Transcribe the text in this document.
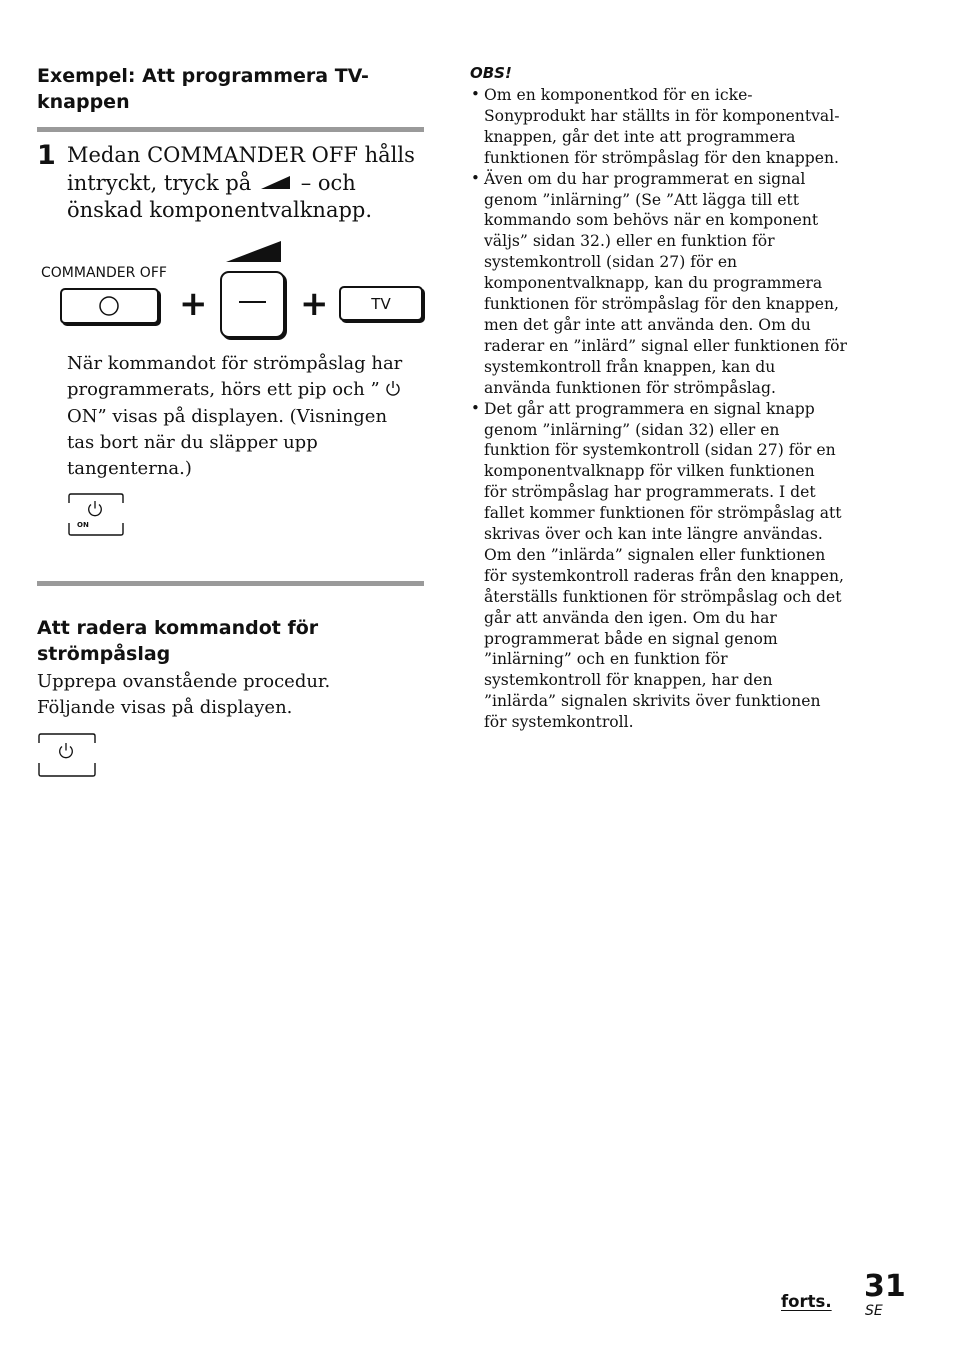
Exempel: Att programmera TV-
knappen
1 Medan COMMANDER OFF hålls
intryckt, tryck på – och
önskad komponentvalknapp.
COMMANDER OFF
+	+	TV
När kommandot för strömpåslag har
programmerats, hörs ett pip och ”
ON” visas på displayen. (Visningen
tas bort när du släpper upp
tangenterna.)
ON
Att radera kommandot för
strömpåslag
Upprepa ovanstående procedur.
Följande visas på displayen.
OBS!
• Om en komponentkod för en icke-
Sonyprodukt har ställts in för komponentval-
knappen, går det inte att programmera
funktionen för strömpåslag för den knappen.
• Även om du har programmerat en signal
genom ”inlärning” (Se ”Att lägga till ett
kommando som behövs när en komponent
väljs” sidan 32.) eller en funktion för
systemkontroll (sidan 27) för en
komponentvalknapp, kan du programmera
funktionen för strömpåslag för den knappen,
men det går inte att använda den. Om du
raderar en ”inlärd” signal eller funktionen för
systemkontroll från knappen, kan du
använda funktionen för strömpåslag.
• Det går att programmera en signal knapp
genom ”inlärning” (sidan 32) eller en
funktion för systemkontroll (sidan 27) för en
komponentvalknapp för vilken funktionen
för strömpåslag har programmerats. I det
fallet kommer funktionen för strömpåslag att
skrivas över och kan inte längre användas.
Om den ”inlärda” signalen eller funktionen
för systemkontroll raderas från den knappen,
återställs funktionen för strömpåslag och det
går att använda den igen. Om du har
programmerat både en signal genom
”inlärning” och en funktion för
systemkontroll för knappen, har den
”inlärda” signalen skrivits över funktionen
för systemkontroll.
forts. 31
SE
